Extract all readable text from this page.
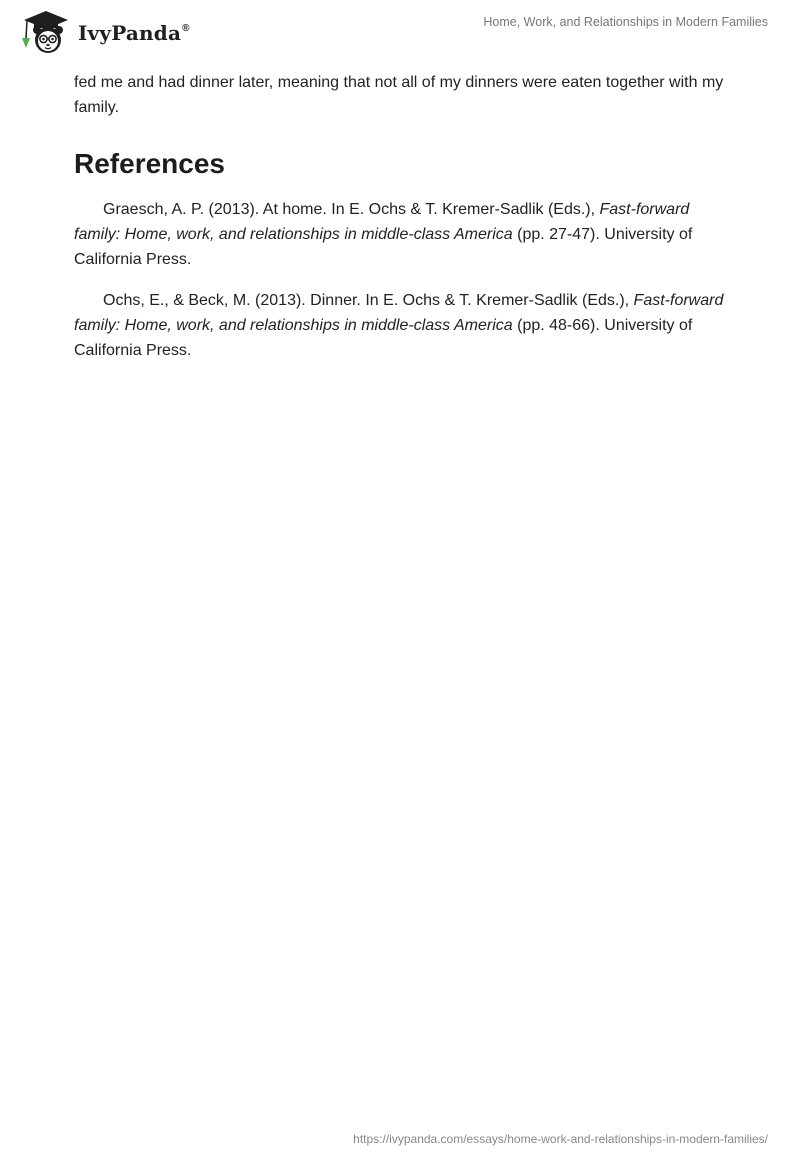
IvyPanda®	Home, Work, and Relationships in Modern Families

fed me and had dinner later, meaning that not all of my dinners were eaten together with my family.

References

Graesch, A. P. (2013). At home. In E. Ochs & T. Kremer-Sadlik (Eds.), Fast-forward family: Home, work, and relationships in middle-class America (pp. 27-47). University of California Press.

Ochs, E., & Beck, M. (2013). Dinner. In E. Ochs & T. Kremer-Sadlik (Eds.), Fast-forward family: Home, work, and relationships in middle-class America (pp. 48-66). University of California Press.

https://ivypanda.com/essays/home-work-and-relationships-in-modern-families/
